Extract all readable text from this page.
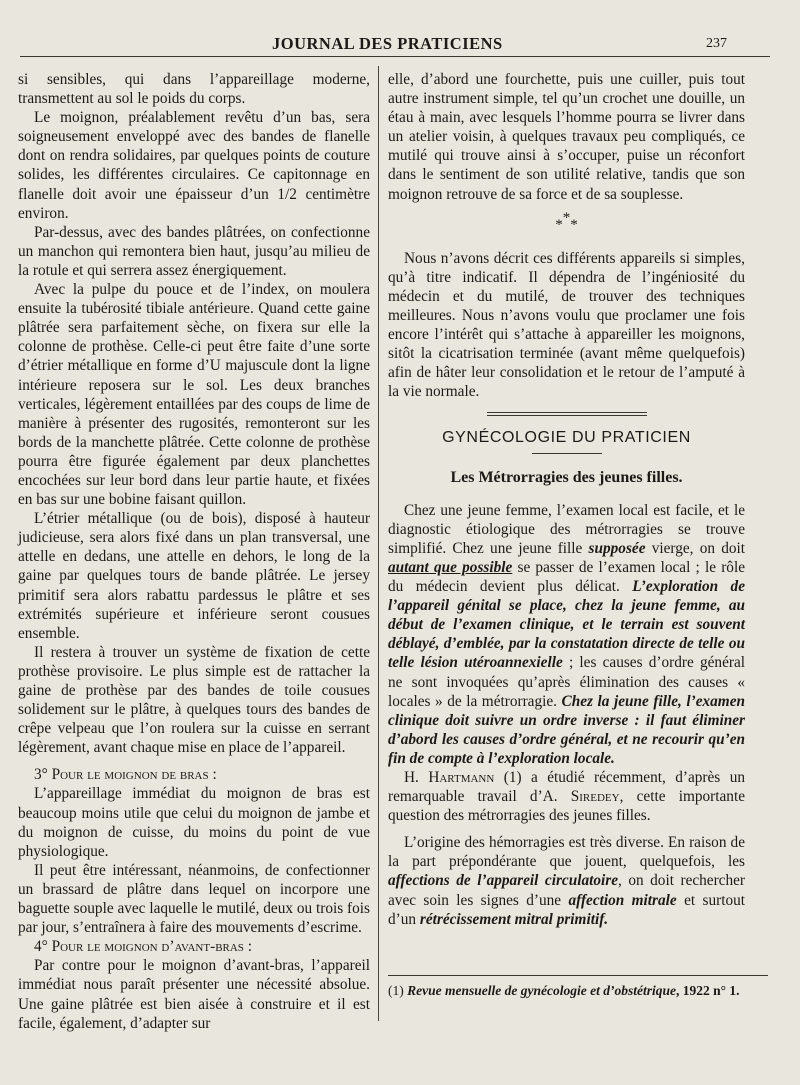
JOURNAL DES PRATICIENS	237

si sensibles, qui dans l’appareillage moderne, transmettent au sol le poids du corps.

Le moignon, préalablement revêtu d’un bas, sera soigneusement enveloppé avec des bandes de flanelle dont on rendra solidaires, par quelques points de couture solides, les différentes circulaires. Ce capitonnage en flanelle doit avoir une épaisseur d’un 1/2 centimètre environ.

Par-dessus, avec des bandes plâtrées, on confectionne un manchon qui remontera bien haut, jusqu’au milieu de la rotule et qui serrera assez énergiquement.

Avec la pulpe du pouce et de l’index, on moulera ensuite la tubérosité tibiale antérieure. Quand cette gaine plâtrée sera parfaitement sèche, on fixera sur elle la colonne de prothèse. Celle-ci peut être faite d’une sorte d’étrier métallique en forme d’U majuscule dont la ligne intérieure reposera sur le sol. Les deux branches verticales, légèrement entaillées par des coups de lime de manière à présenter des rugosités, remonteront sur les bords de la manchette plâtrée. Cette colonne de prothèse pourra être figurée également par deux planchettes encochées sur leur bord dans leur partie haute, et fixées en bas sur une bobine faisant quillon.

L’étrier métallique (ou de bois), disposé à hauteur judicieuse, sera alors fixé dans un plan transversal, une attelle en dedans, une attelle en dehors, le long de la gaine par quelques tours de bande plâtrée. Le jersey primitif sera alors rabattu pardessus le plâtre et ses extrémités supérieure et inférieure seront cousues ensemble.

Il restera à trouver un système de fixation de cette prothèse provisoire. Le plus simple est de rattacher la gaine de prothèse par des bandes de toile cousues solidement sur le plâtre, à quelques tours des bandes de crêpe velpeau que l’on roulera sur la cuisse en serrant légèrement, avant chaque mise en place de l’appareil.

3° Pour le moignon de bras :

L’appareillage immédiat du moignon de bras est beaucoup moins utile que celui du moignon de jambe et du moignon de cuisse, du moins du point de vue physiologique.

Il peut être intéressant, néanmoins, de confectionner un brassard de plâtre dans lequel on incorpore une baguette souple avec laquelle le mutilé, deux ou trois fois par jour, s’entraînera à faire des mouvements d’escrime.

4° Pour le moignon d’avant-bras :

Par contre pour le moignon d’avant-bras, l’appareil immédiat nous paraît présenter une nécessité absolue. Une gaine plâtrée est bien aisée à construire et il est facile, également, d’adapter sur

elle, d’abord une fourchette, puis une cuiller, puis tout autre instrument simple, tel qu’un crochet une douille, un étau à main, avec lesquels l’homme pourra se livrer dans un atelier voisin, à quelques travaux peu compliqués, ce mutilé qui trouve ainsi à s’occuper, puise un réconfort dans le sentiment de son utilité relative, tandis que son moignon retrouve de sa force et de sa souplesse.

***

Nous n’avons décrit ces différents appareils si simples, qu’à titre indicatif. Il dépendra de l’ingéniosité du médecin et du mutilé, de trouver des techniques meilleures. Nous n’avons voulu que proclamer une fois encore l’intérêt qui s’attache à appareiller les moignons, sitôt la cicatrisation terminée (avant même quelquefois) afin de hâter leur consolidation et le retour de l’amputé à la vie normale.

GYNÉCOLOGIE DU PRATICIEN
Les Métrorragies des jeunes filles.

Chez une jeune femme, l’examen local est facile, et le diagnostic étiologique des métrorragies se trouve simplifié. Chez une jeune fille supposée vierge, on doit autant que possible se passer de l’examen local ; le rôle du médecin devient plus délicat. L’exploration de l’appareil génital se place, chez la jeune femme, au début de l’examen clinique, et le terrain est souvent déblayé, d’emblée, par la constatation directe de telle ou telle lésion utéroannexielle ; les causes d’ordre général ne sont invoquées qu’après élimination des causes « locales » de la métrorragie. Chez la jeune fille, l’examen clinique doit suivre un ordre inverse : il faut éliminer d’abord les causes d’ordre général, et ne recourir qu’en fin de compte à l’exploration locale.

H. Hartmann (1) a étudié récemment, d’après un remarquable travail d’A. Siredey, cette importante question des métrorragies des jeunes filles.

L’origine des hémorragies est très diverse. En raison de la part prépondérante que jouent, quelquefois, les affections de l’appareil circulatoire, on doit rechercher avec soin les signes d’une affection mitrale et surtout d’un rétrécissement mitral primitif.

(1) Revue mensuelle de gynécologie et d’obstétrique, 1922 n° 1.
